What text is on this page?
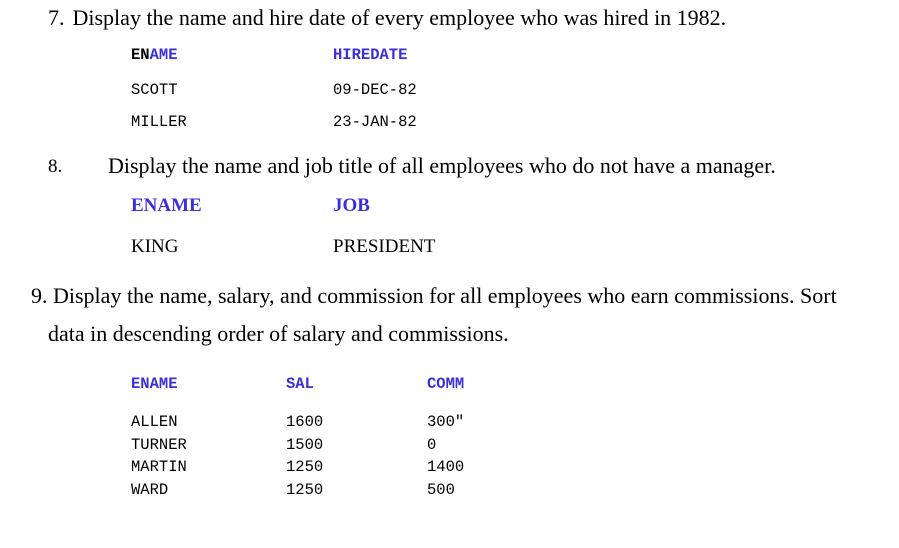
7. Display the name and hire date of every employee who was hired in 1982.
ENAME	HIREDATE
SCOTT	09-DEC-82
MILLER	23-JAN-82
8. Display the name and job title of all employees who do not have a manager.
ENAME	JOB
KING	PRESIDENT
9. Display the name, salary, and commission for all employees who earn commissions. Sort
data in descending order of salary and commissions.
ENAME	SAL	COMM
ALLEN	1600	300"
TURNER	1500	0
MARTIN	1250	1400
WARD	1250	500
